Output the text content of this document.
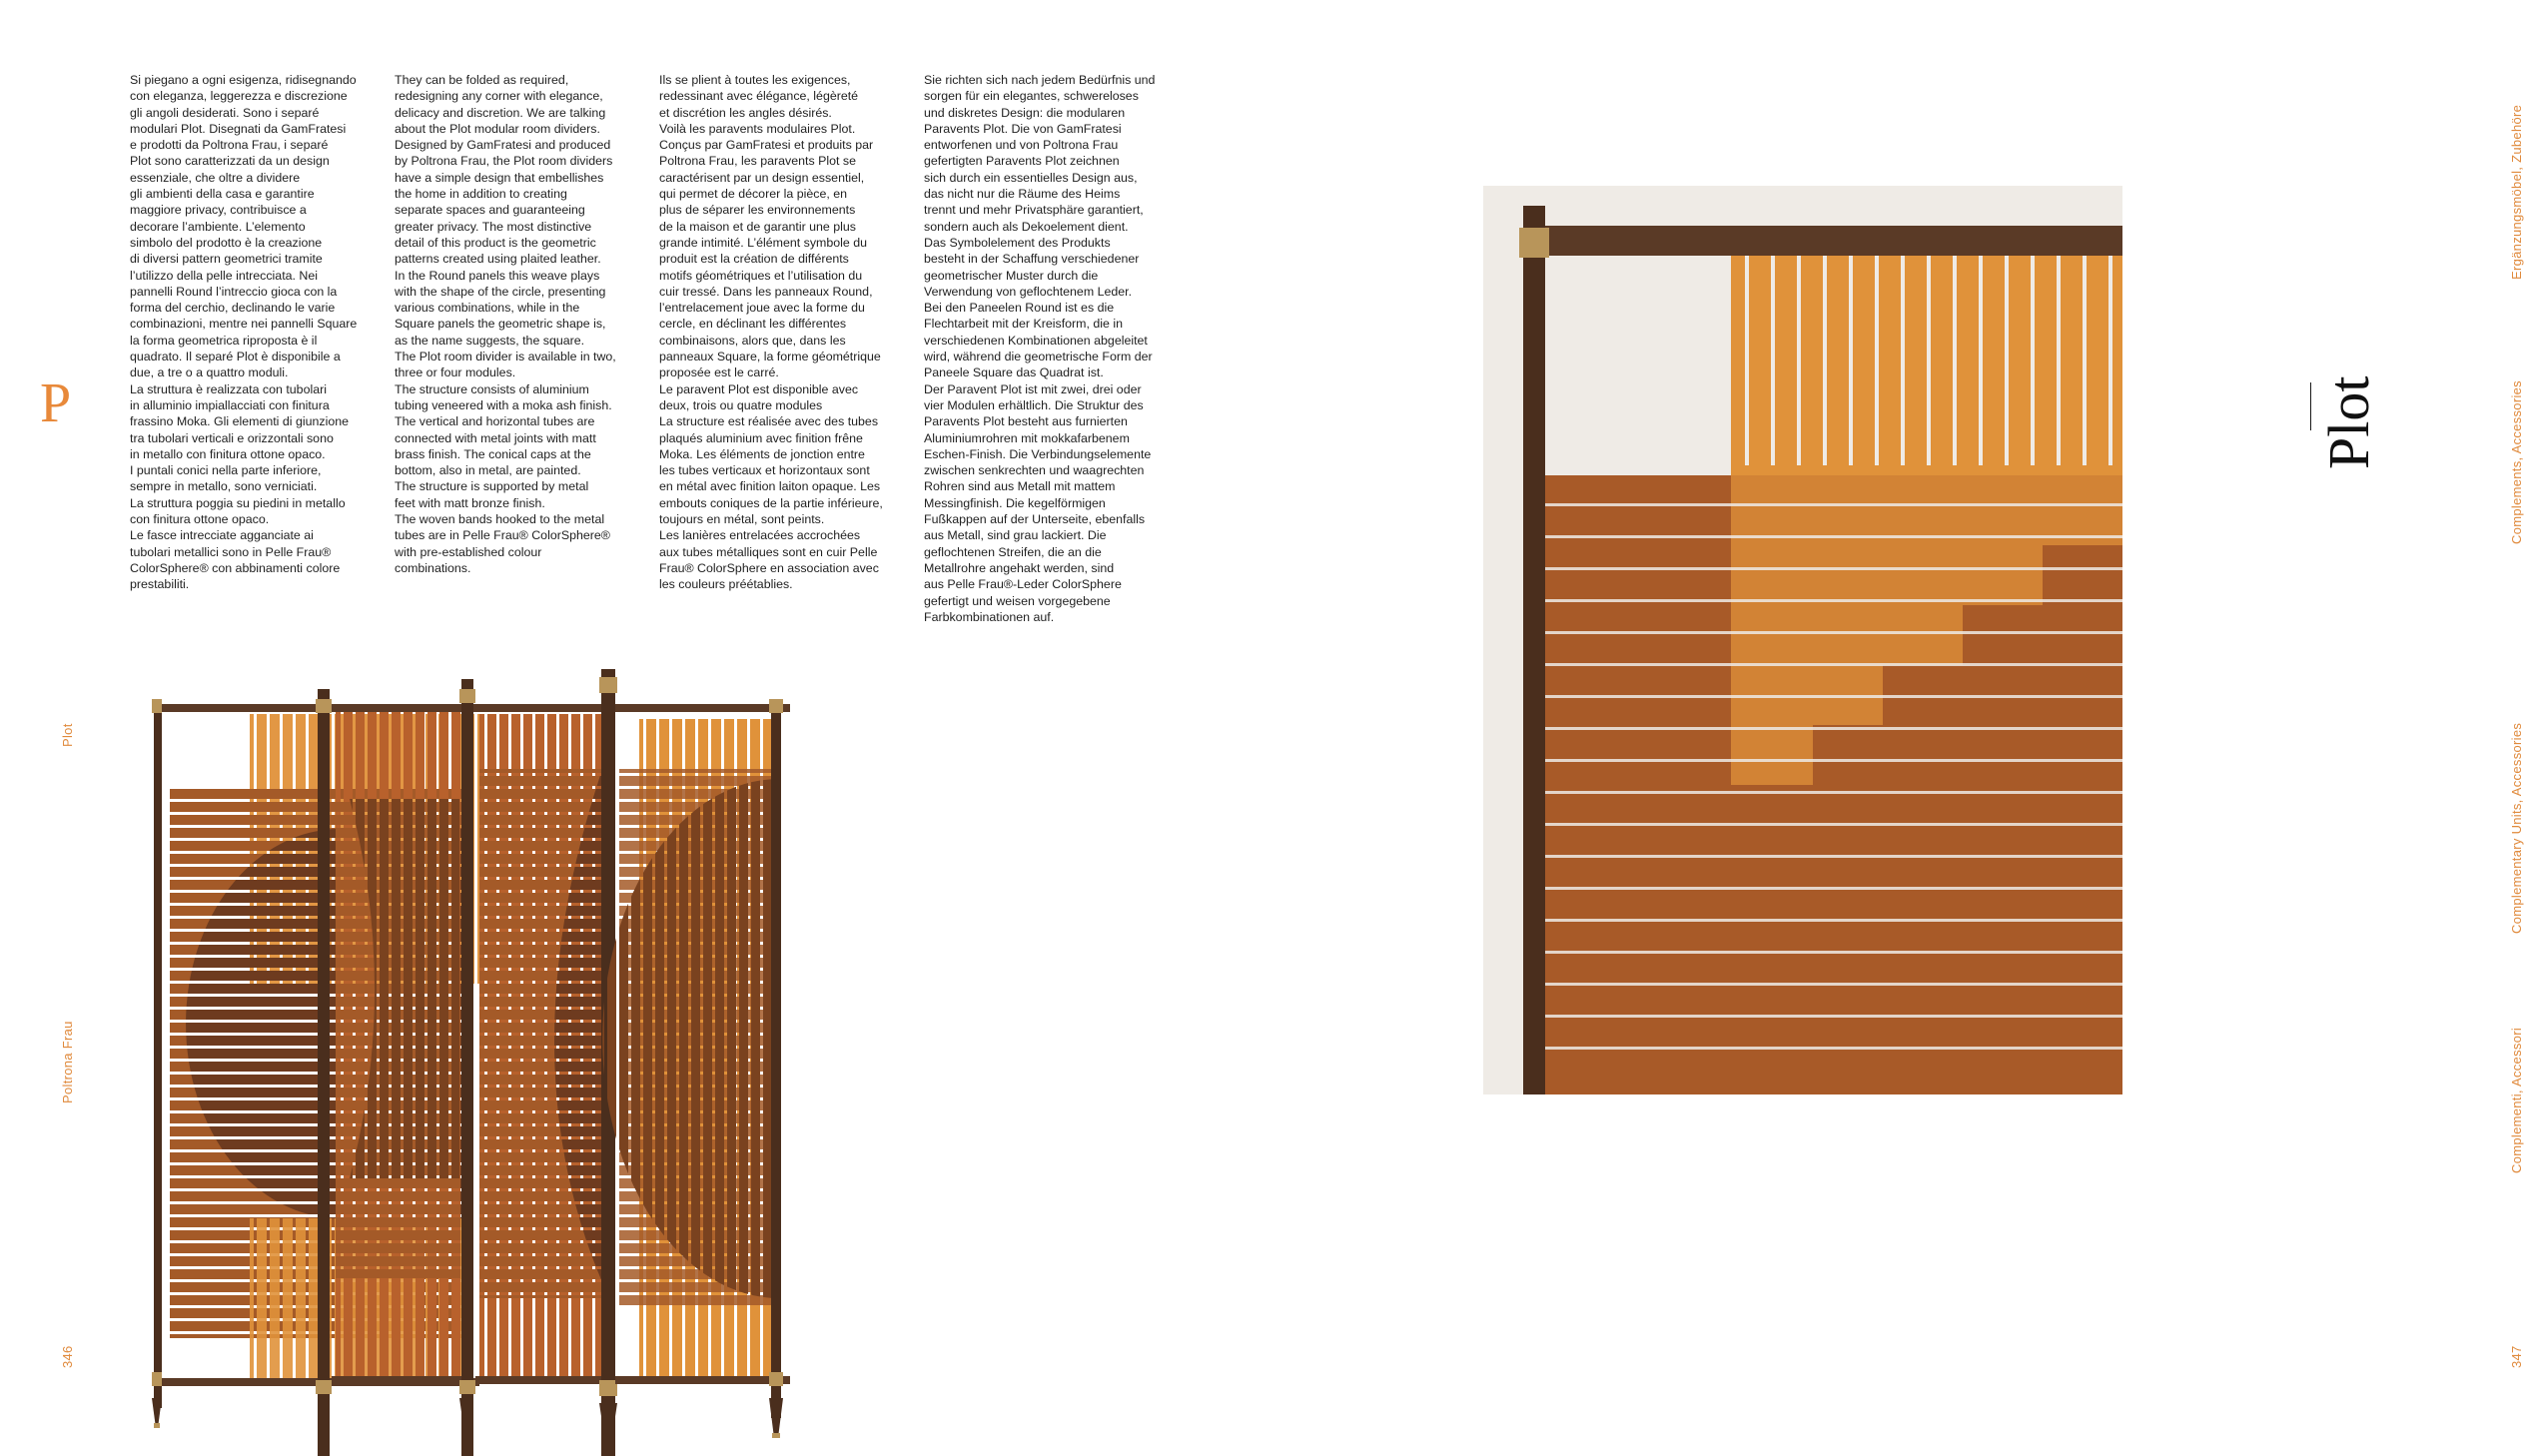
P
Plot
Poltrona Frau
346

Si piegano a ogni esigenza, ridisegnando
con eleganza, leggerezza e discrezione
gli angoli desiderati. Sono i separé
modulari Plot. Disegnati da GamFratesi
e prodotti da Poltrona Frau, i separé
Plot sono caratterizzati da un design
essenziale, che oltre a dividere
gli ambienti della casa e garantire
maggiore privacy, contribuisce a
decorare l’ambiente. L’elemento
simbolo del prodotto è la creazione
di diversi pattern geometrici tramite
l’utilizzo della pelle intrecciata. Nei
pannelli Round l’intreccio gioca con la
forma del cerchio, declinando le varie
combinazioni, mentre nei pannelli Square
la forma geometrica riproposta è il
quadrato. Il separé Plot è disponibile a
due, a tre o a quattro moduli.
La struttura è realizzata con tubolari
in alluminio impiallacciati con finitura
frassino Moka. Gli elementi di giunzione
tra tubolari verticali e orizzontali sono
in metallo con finitura ottone opaco.
I puntali conici nella parte inferiore,
sempre in metallo, sono verniciati.
La struttura poggia su piedini in metallo
con finitura ottone opaco.
Le fasce intrecciate agganciate ai
tubolari metallici sono in Pelle Frau®
ColorSphere® con abbinamenti colore
prestabiliti.

They can be folded as required,
redesigning any corner with elegance,
delicacy and discretion. We are talking
about the Plot modular room dividers.
Designed by GamFratesi and produced
by Poltrona Frau, the Plot room dividers
have a simple design that embellishes
the home in addition to creating
separate spaces and guaranteeing
greater privacy. The most distinctive
detail of this product is the geometric
patterns created using plaited leather.
In the Round panels this weave plays
with the shape of the circle, presenting
various combinations, while in the
Square panels the geometric shape is,
as the name suggests, the square.
The Plot room divider is available in two,
three or four modules.
The structure consists of aluminium
tubing veneered with a moka ash finish.
The vertical and horizontal tubes are
connected with metal joints with matt
brass finish. The conical caps at the
bottom, also in metal, are painted.
The structure is supported by metal
feet with matt bronze finish.
The woven bands hooked to the metal
tubes are in Pelle Frau® ColorSphere®
with pre-established colour
combinations.

Ils se plient à toutes les exigences,
redessinant avec élégance, légèreté
et discrétion les angles désirés.
Voilà les paravents modulaires Plot.
Conçus par GamFratesi et produits par
Poltrona Frau, les paravents Plot se
caractérisent par un design essentiel,
qui permet de décorer la pièce, en
plus de séparer les environnements
de la maison et de garantir une plus
grande intimité. L’élément symbole du
produit est la création de différents
motifs géométriques et l’utilisation du
cuir tressé. Dans les panneaux Round,
l’entrelacement joue avec la forme du
cercle, en déclinant les différentes
combinaisons, alors que, dans les
panneaux Square, la forme géométrique
proposée est le carré.
Le paravent Plot est disponible avec
deux, trois ou quatre modules
La structure est réalisée avec des tubes
plaqués aluminium avec finition frêne
Moka. Les éléments de jonction entre
les tubes verticaux et horizontaux sont
en métal avec finition laiton opaque. Les
embouts coniques de la partie inférieure,
toujours en métal, sont peints.
Les lanières entrelacées accrochées
aux tubes métalliques sont en cuir Pelle
Frau® ColorSphere en association avec
les couleurs préétablies.

Sie richten sich nach jedem Bedürfnis und
sorgen für ein elegantes, schwereloses
und diskretes Design: die modularen
Paravents Plot. Die von GamFratesi
entworfenen und von Poltrona Frau
gefertigten Paravents Plot zeichnen
sich durch ein essentielles Design aus,
das nicht nur die Räume des Heims
trennt und mehr Privatsphäre garantiert,
sondern auch als Dekoelement dient.
Das Symbolelement des Produkts
besteht in der Schaffung verschiedener
geometrischer Muster durch die
Verwendung von geflochtenem Leder.
Bei den Paneelen Round ist es die
Flechtarbeit mit der Kreisform, die in
verschiedenen Kombinationen abgeleitet
wird, während die geometrische Form der
Paneele Square das Quadrat ist.
Der Paravent Plot ist mit zwei, drei oder
vier Modulen erhältlich. Die Struktur des
Paravents Plot besteht aus furnierten
Aluminiumrohren mit mokkafarbenem
Eschen-Finish. Die Verbindungselemente
zwischen senkrechten und waagrechten
Rohren sind aus Metall mit mattem
Messingfinish. Die kegelförmigen
Fußkappen auf der Unterseite, ebenfalls
aus Metall, sind grau lackiert. Die
geflochtenen Streifen, die an die
Metallrohre angehakt werden, sind
aus Pelle Frau®-Leder ColorSphere
gefertigt und weisen vorgegebene
Farbkombinationen auf.

Ergänzungsmöbel, Zubehöre
Complements, Accessories
Complementary Units, Accessories
Complementi, Accessori
347
Plot
